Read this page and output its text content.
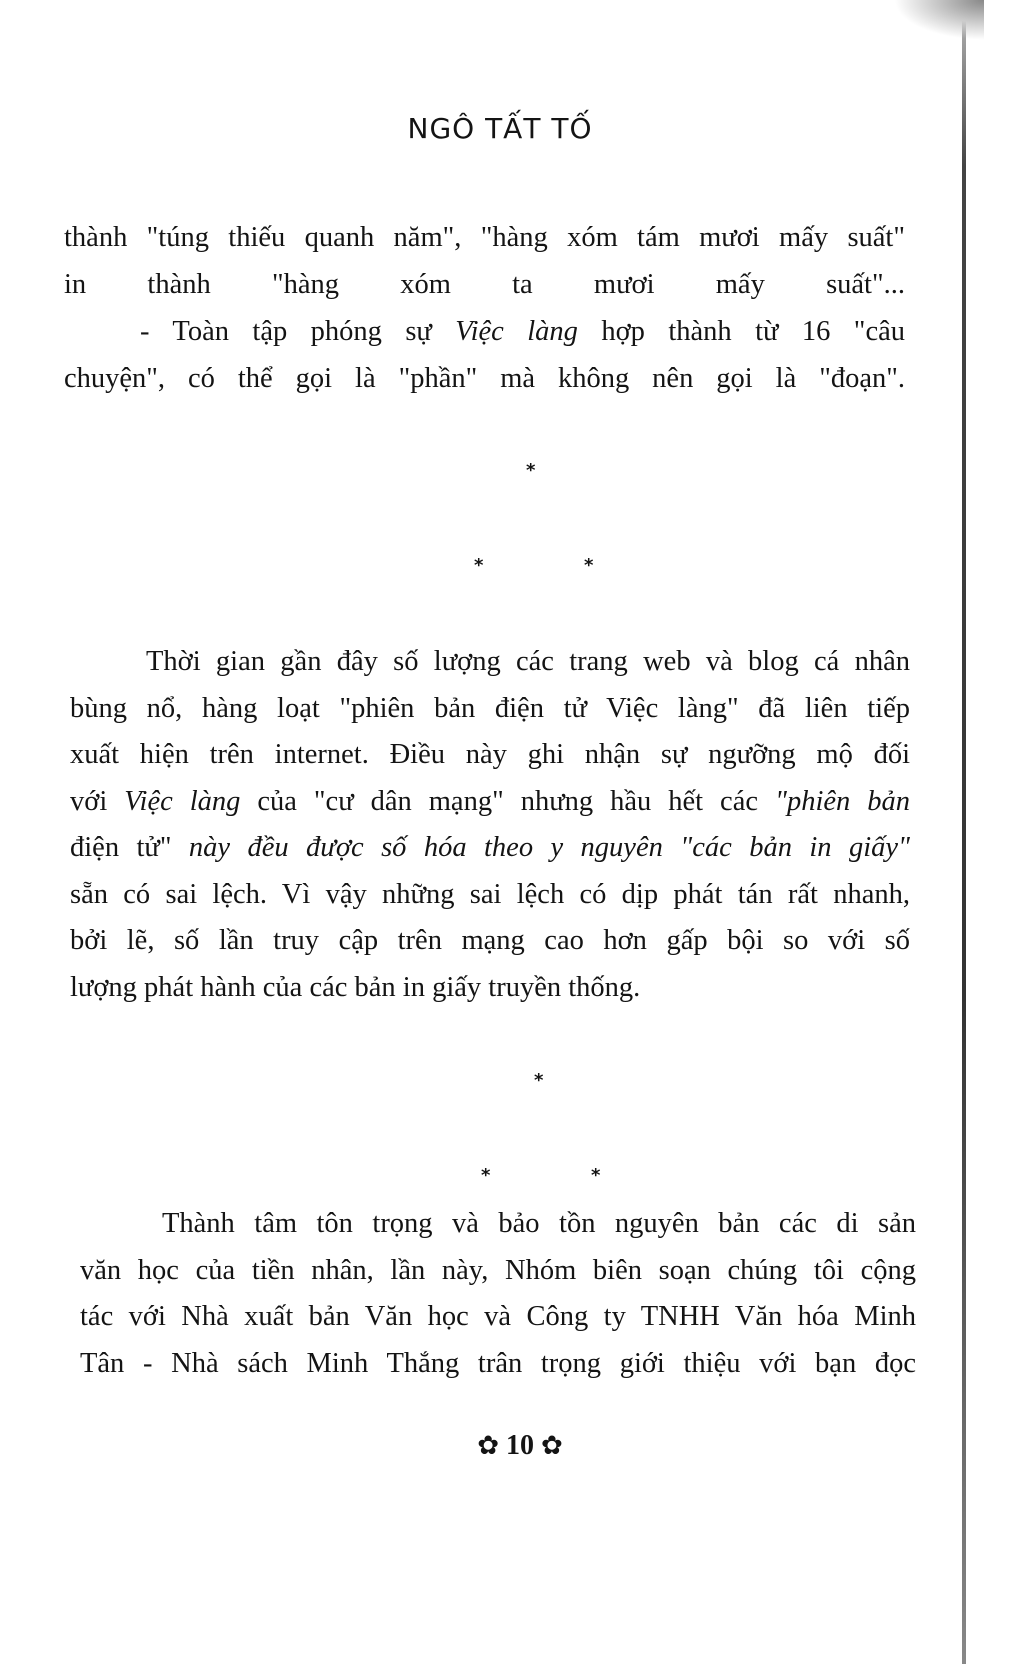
NGÔ TẤT TỐ
thành "túng thiếu quanh năm", "hàng xóm tám mươi mấy suất"
in thành "hàng xóm ta mươi mấy suất"...
- Toàn tập phóng sự Việc làng hợp thành từ 16 "câu
chuyện", có thể gọi là "phần" mà không nên gọi là "đoạn".
Thời gian gần đây số lượng các trang web và blog cá nhân
bùng nổ, hàng loạt "phiên bản điện tử Việc làng" đã liên tiếp
xuất hiện trên internet. Điều này ghi nhận sự ngưỡng mộ đối
với Việc làng của "cư dân mạng" nhưng hầu hết các "phiên bản
điện tử" này đều được số hóa theo y nguyên "các bản in giấy"
sẵn có sai lệch. Vì vậy những sai lệch có dịp phát tán rất nhanh,
bởi lẽ, số lần truy cập trên mạng cao hơn gấp bội so với số
lượng phát hành của các bản in giấy truyền thống.
Thành tâm tôn trọng và bảo tồn nguyên bản các di sản
văn học của tiền nhân, lần này, Nhóm biên soạn chúng tôi cộng
tác với Nhà xuất bản Văn học và Công ty TNHH Văn hóa Minh
Tân - Nhà sách Minh Thắng trân trọng giới thiệu với bạn đọc
*
*	*
*
*	*
✿ 10 ✿
